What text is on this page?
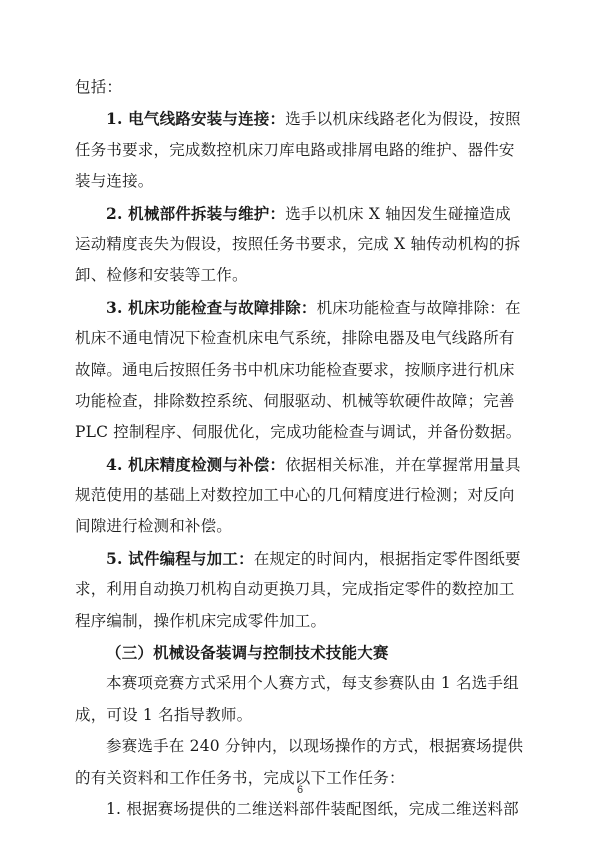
包括：
1. 电气线路安装与连接：选手以机床线路老化为假设，按照
任务书要求，完成数控机床刀库电路或排屑电路的维护、器件安
装与连接。
2. 机械部件拆装与维护：选手以机床 X 轴因发生碰撞造成
运动精度丧失为假设，按照任务书要求，完成 X 轴传动机构的拆
卸、检修和安装等工作。
3. 机床功能检查与故障排除：机床功能检查与故障排除：在
机床不通电情况下检查机床电气系统，排除电器及电气线路所有
故障。通电后按照任务书中机床功能检查要求，按顺序进行机床
功能检查，排除数控系统、伺服驱动、机械等软硬件故障；完善
PLC 控制程序、伺服优化，完成功能检查与调试，并备份数据。
4. 机床精度检测与补偿：依据相关标准，并在掌握常用量具
规范使用的基础上对数控加工中心的几何精度进行检测；对反向
间隙进行检测和补偿。
5. 试件编程与加工：在规定的时间内，根据指定零件图纸要
求，利用自动换刀机构自动更换刀具，完成指定零件的数控加工
程序编制，操作机床完成零件加工。
（三）机械设备装调与控制技术技能大赛
本赛项竞赛方式采用个人赛方式，每支参赛队由 1 名选手组
成，可设 1 名指导教师。
参赛选手在 240 分钟内，以现场操作的方式，根据赛场提供
的有关资料和工作任务书，完成以下工作任务：
1. 根据赛场提供的二维送料部件装配图纸，完成二维送料部
6
